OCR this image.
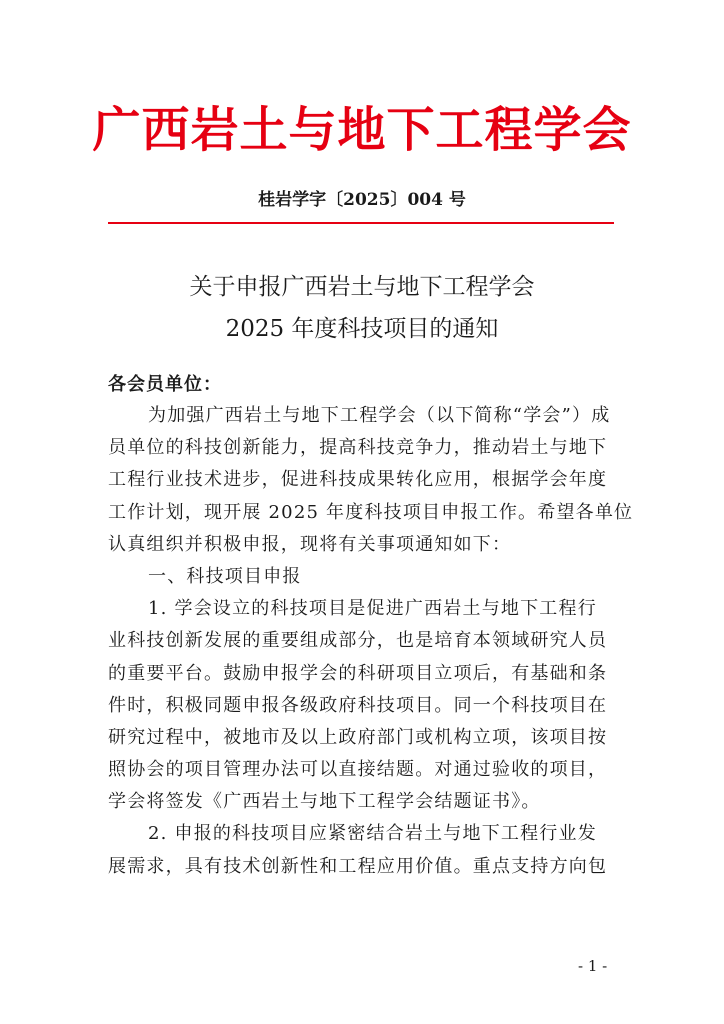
广西岩土与地下工程学会
桂岩学字〔2025〕004 号
关于申报广西岩土与地下工程学会
2025 年度科技项目的通知
各会员单位：
为加强广西岩土与地下工程学会（以下简称“学会”）成
员单位的科技创新能力，提高科技竞争力，推动岩土与地下
工程行业技术进步，促进科技成果转化应用，根据学会年度
工作计划，现开展 2025 年度科技项目申报工作。希望各单位
认真组织并积极申报，现将有关事项通知如下：
一、科技项目申报
1. 学会设立的科技项目是促进广西岩土与地下工程行
业科技创新发展的重要组成部分，也是培育本领域研究人员
的重要平台。鼓励申报学会的科研项目立项后，有基础和条
件时，积极同题申报各级政府科技项目。同一个科技项目在
研究过程中，被地市及以上政府部门或机构立项，该项目按
照协会的项目管理办法可以直接结题。对通过验收的项目，
学会将签发《广西岩土与地下工程学会结题证书》。
2. 申报的科技项目应紧密结合岩土与地下工程行业发
展需求，具有技术创新性和工程应用价值。重点支持方向包
- 1 -
